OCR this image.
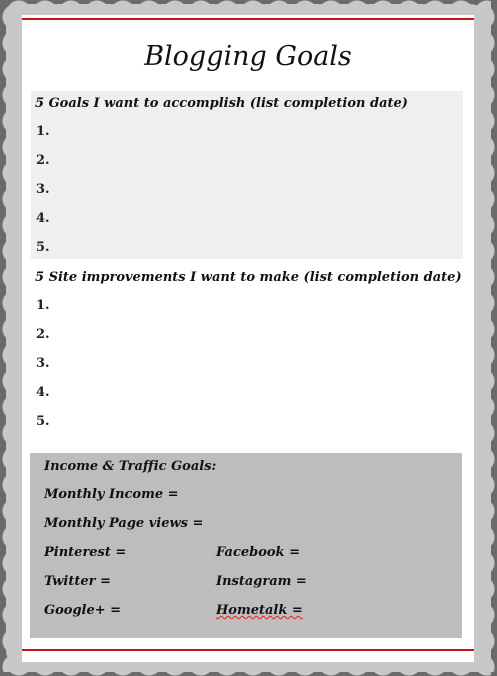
Blogging Goals
5 Goals I want to accomplish (list completion date)
1.
2.
3.
4.
5.
5 Site improvements I want to make (list completion date)
1.
2.
3.
4.
5.
Income & Traffic Goals:
Monthly Income =
Monthly Page views =
Pinterest =	Facebook =
Twitter =	Instagram =
Google+ =	Hometalk =
